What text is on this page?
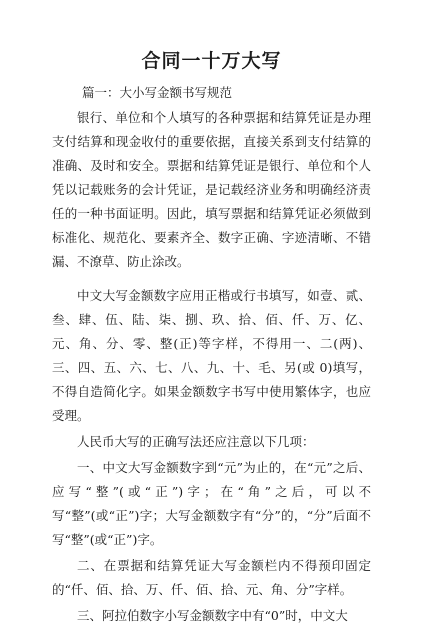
合同一十万大写
篇一：大小写金额书写规范

银行、单位和个人填写的各种票据和结算凭证是办理支付结算和现金收付的重要依据，直接关系到支付结算的准确、及时和安全。票据和结算凭证是银行、单位和个人凭以记载账务的会计凭证，是记载经济业务和明确经济责任的一种书面证明。因此，填写票据和结算凭证必须做到标准化、规范化、要素齐全、数字正确、字迹清晰、不错漏、不潦草、防止涂改。

中文大写金额数字应用正楷或行书填写，如壹、贰、叁、肆、伍、陆、柒、捌、玖、拾、佰、仟、万、亿、元、角、分、零、整(正)等字样，不得用一、二(两)、三、四、五、六、七、八、九、十、毛、另(或 0)填写，不得自造简化字。如果金额数字书写中使用繁体字，也应受理。

人民币大写的正确写法还应注意以下几项：

一、中文大写金额数字到“元”为止的，在“元”之后、应写“整”(或“正”)字；在“角”之后，可以不写“整”(或“正”)字；大写金额数字有“分”的，“分”后面不写“整”(或“正”)字。

二、在票据和结算凭证大写金额栏内不得预印固定的“仟、佰、拾、万、仟、佰、拾、元、角、分”字样。

三、阿拉伯数字小写金额数字中有“0”时，中文大
